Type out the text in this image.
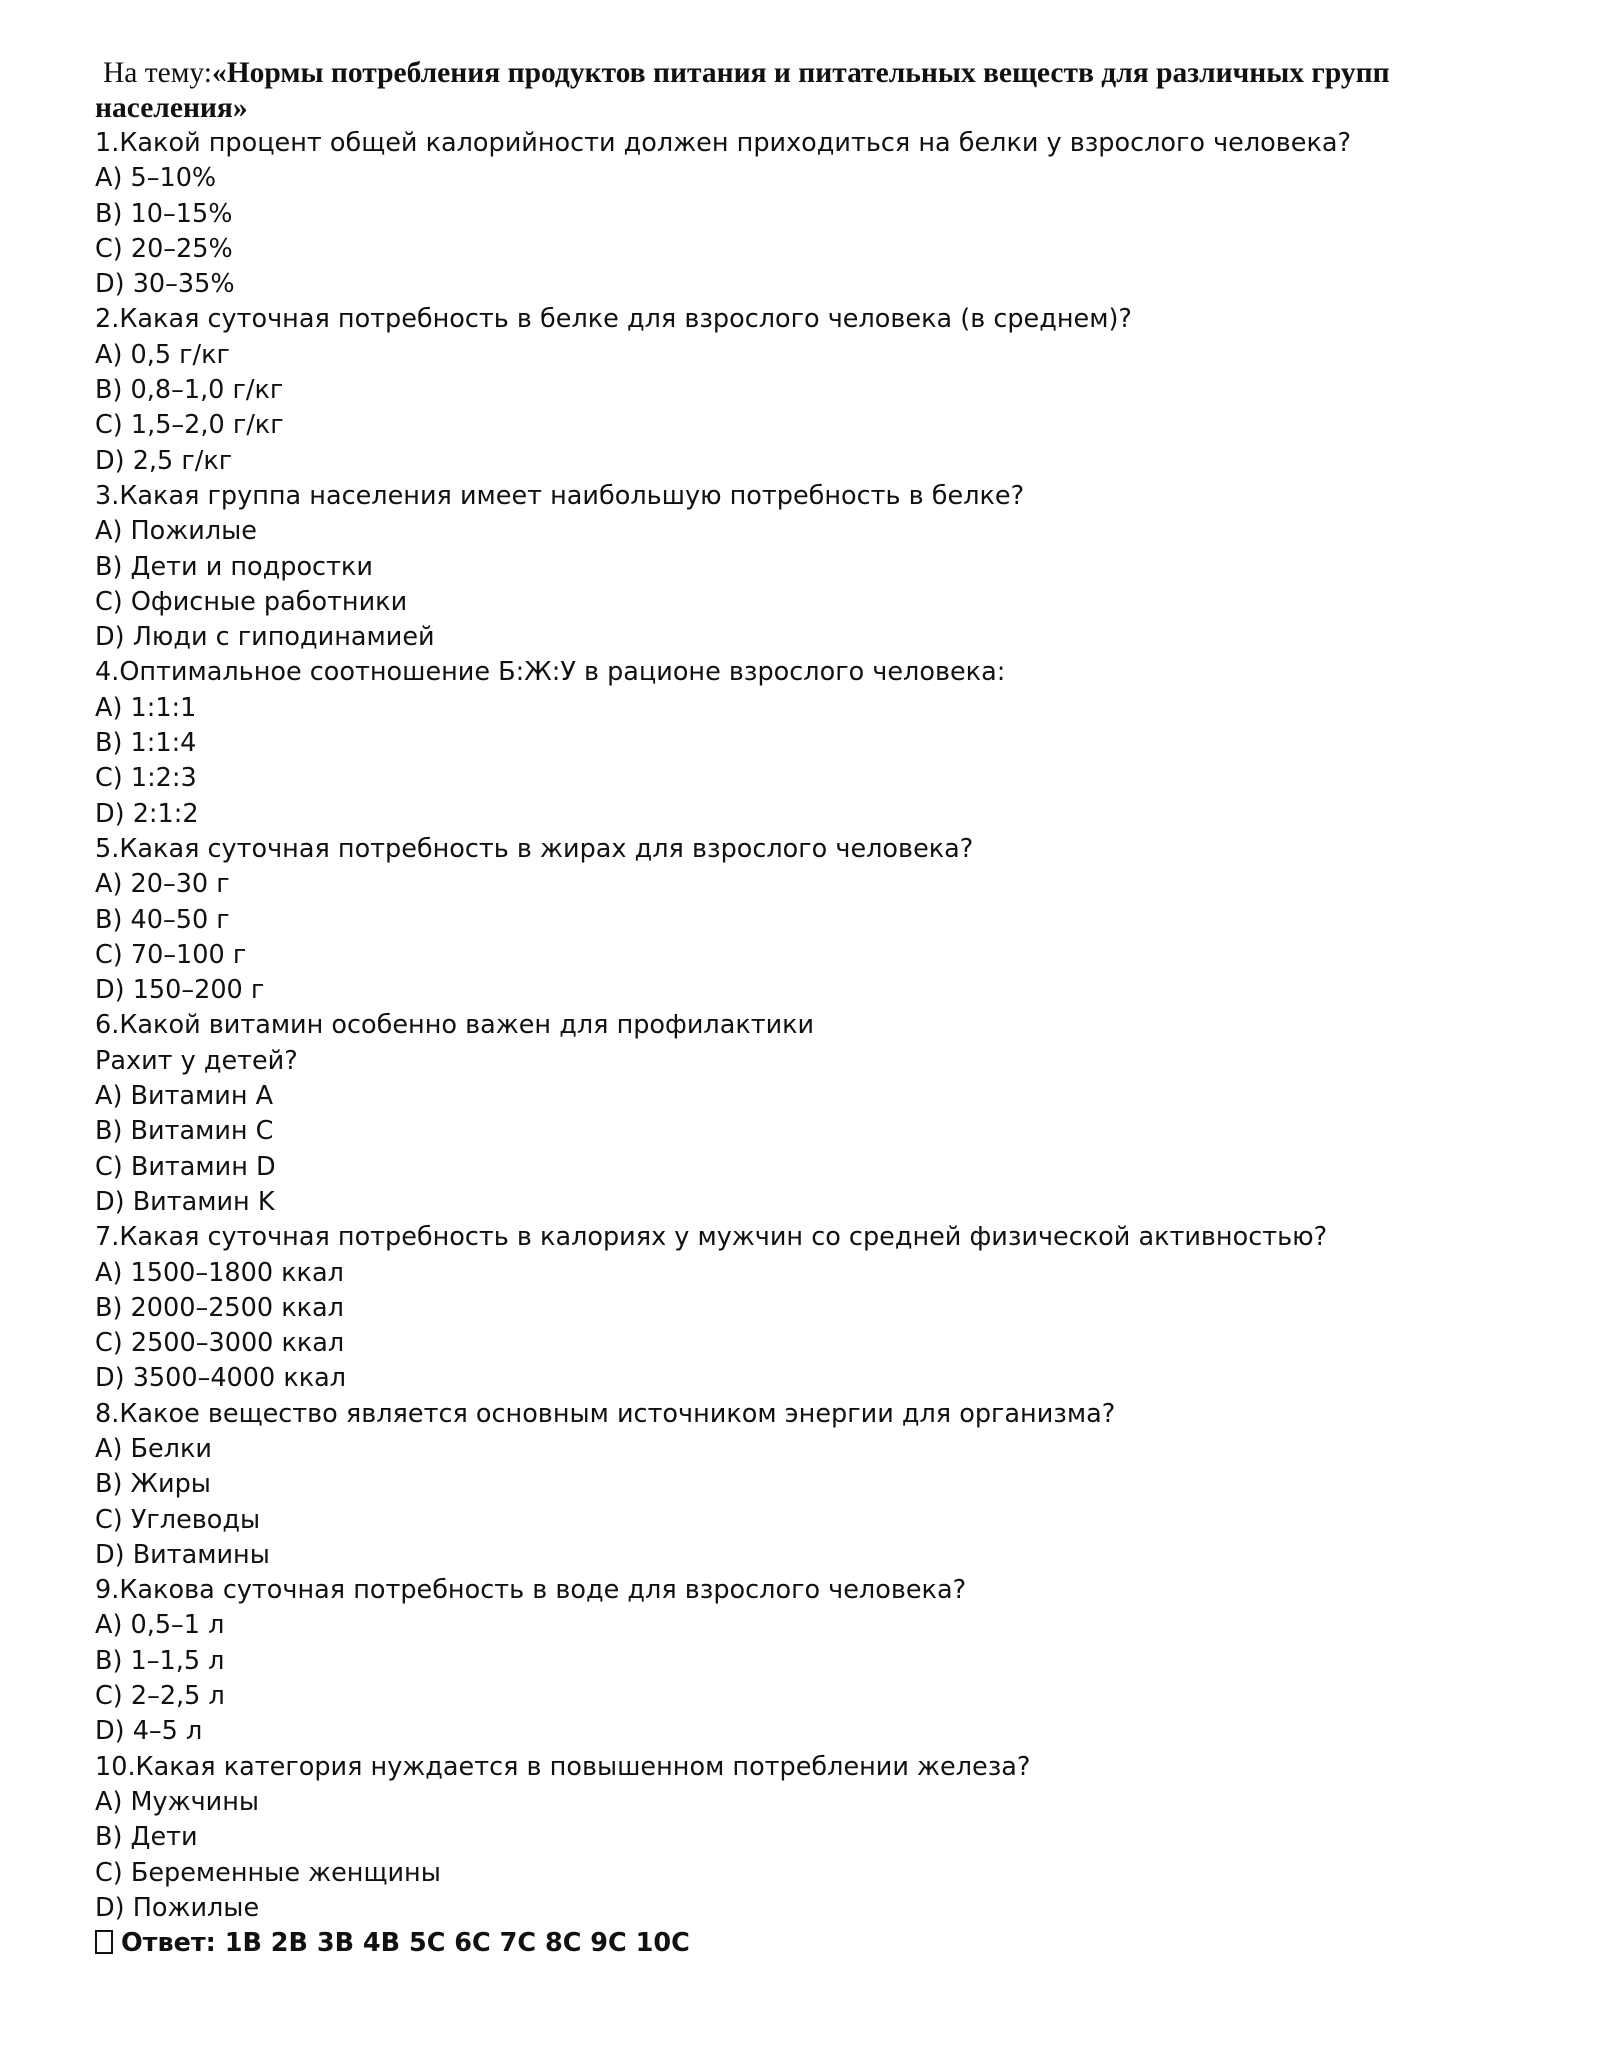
На тему:«Нормы потребления продуктов питания и питательных веществ для различных групп населения»
1.Какой процент общей калорийности должен приходиться на белки у взрослого человека?
A) 5–10%
B) 10–15%
C) 20–25%
D) 30–35%
2.Какая суточная потребность в белке для взрослого человека (в среднем)?
A) 0,5 г/кг
B) 0,8–1,0 г/кг
C) 1,5–2,0 г/кг
D) 2,5 г/кг
3.Какая группа населения имеет наибольшую потребность в белке?
A) Пожилые
B) Дети и подростки
C) Офисные работники
D) Люди с гиподинамией
4.Оптимальное соотношение Б:Ж:У в рационе взрослого человека:
A) 1:1:1
B) 1:1:4
C) 1:2:3
D) 2:1:2
5.Какая суточная потребность в жирах для взрослого человека?
A) 20–30 г
B) 40–50 г
C) 70–100 г
D) 150–200 г
6.Какой витамин особенно важен для профилактики
Рахит у детей?
A) Витамин A
B) Витамин C
C) Витамин D
D) Витамин K
7.Какая суточная потребность в калориях у мужчин со средней физической активностью?
A) 1500–1800 ккал
B) 2000–2500 ккал
C) 2500–3000 ккал
D) 3500–4000 ккал
8.Какое вещество является основным источником энергии для организма?
A) Белки
B) Жиры
C) Углеводы
D) Витамины
9.Какова суточная потребность в воде для взрослого человека?
A) 0,5–1 л
B) 1–1,5 л
C) 2–2,5 л
D) 4–5 л
10.Какая категория нуждается в повышенном потреблении железа?
A) Мужчины
B) Дети
C) Беременные женщины
D) Пожилые
Ответ: 1B 2B 3B 4B 5C 6C 7C 8C 9C 10C
